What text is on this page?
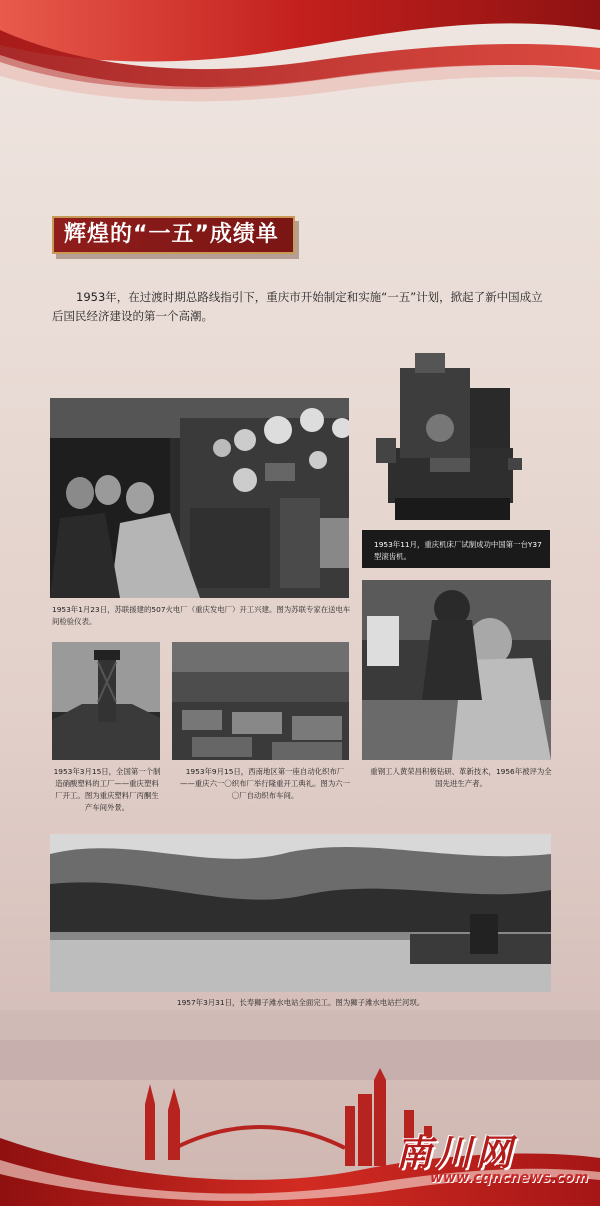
辉煌的“一五”成绩单
1953年，在过渡时期总路线指引下，重庆市开始制定和实施“一五”计划，掀起了新中国成立后国民经济建设的第一个高潮。
1953年1月23日，苏联援建的507火电厂（重庆发电厂）开工兴建。图为苏联专家在送电车间检验仪表。
1953年11月，重庆机床厂试制成功中国第一台Y37型滚齿机。
1953年3月15日，全国第一个制造硝酸塑料的工厂——重庆塑料厂开工。图为重庆塑料厂丙酮生产车间外景。
1953年9月15日，西南地区第一座自动化织布厂——重庆六一〇织布厂举行隆重开工典礼。图为六一〇厂自动织布车间。
重钢工人黄荣昌积极钻研、革新技术，1956年被评为全国先进生产者。
1957年3月31日，长寿狮子滩水电站全面完工。图为狮子滩水电站拦河坝。
南川网
www.cqncnews.com
